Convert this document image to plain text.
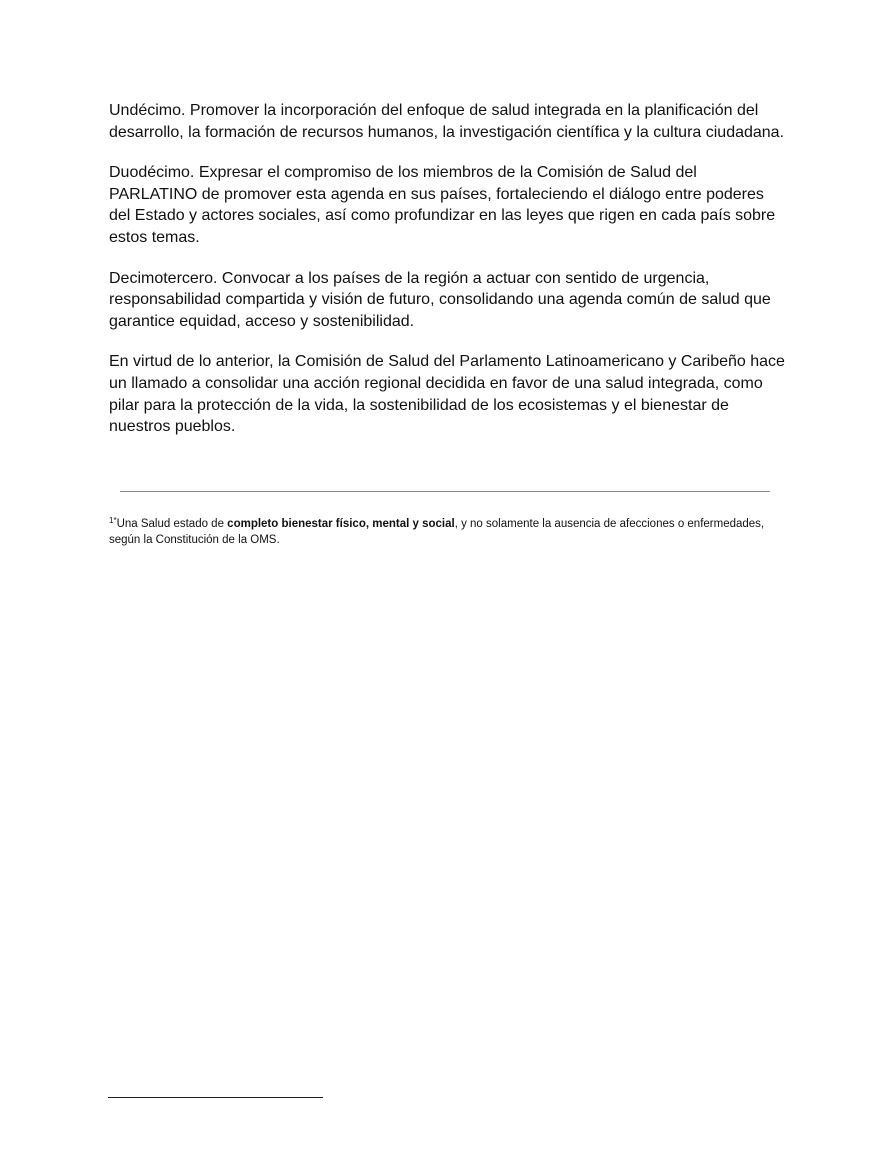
Undécimo. Promover la incorporación del enfoque de salud integrada en la planificación del desarrollo, la formación de recursos humanos, la investigación científica y la cultura ciudadana.

Duodécimo. Expresar el compromiso de los miembros de la Comisión de Salud del PARLATINO de promover esta agenda en sus países, fortaleciendo el diálogo entre poderes del Estado y actores sociales, así como profundizar en las leyes que rigen en cada país sobre estos temas.

Decimotercero. Convocar a los países de la región a actuar con sentido de urgencia, responsabilidad compartida y visión de futuro, consolidando una agenda común de salud que garantice equidad, acceso y sostenibilidad.

En virtud de lo anterior, la Comisión de Salud del Parlamento Latinoamericano y Caribeño hace un llamado a consolidar una acción regional decidida en favor de una salud integrada, como pilar para la protección de la vida, la sostenibilidad de los ecosistemas y el bienestar de nuestros pueblos.

$^{1*}$Una Salud estado de completo bienestar físico, mental y social, y no solamente la ausencia de afecciones o enfermedades, según la Constitución de la OMS.
